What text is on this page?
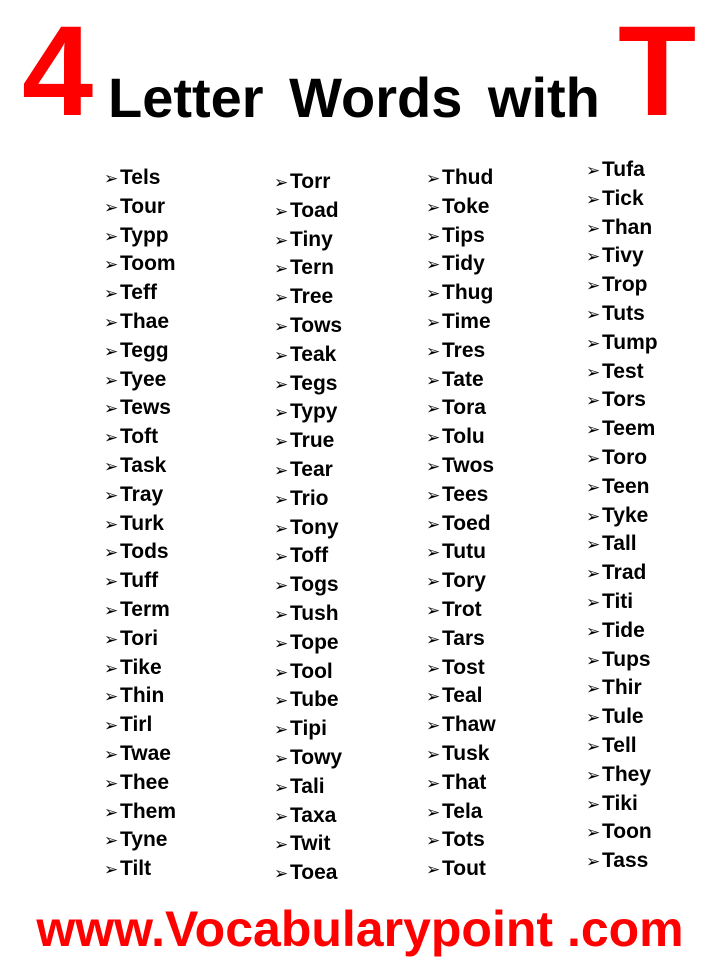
4 Letter Words with T
➢Tels
➢Tour
➢Typp
➢Toom
➢Teff
➢Thae
➢Tegg
➢Tyee
➢Tews
➢Toft
➢Task
➢Tray
➢Turk
➢Tods
➢Tuff
➢Term
➢Tori
➢Tike
➢Thin
➢Tirl
➢Twae
➢Thee
➢Them
➢Tyne
➢Tilt
➢Torr
➢Toad
➢Tiny
➢Tern
➢Tree
➢Tows
➢Teak
➢Tegs
➢Typy
➢True
➢Tear
➢Trio
➢Tony
➢Toff
➢Togs
➢Tush
➢Tope
➢Tool
➢Tube
➢Tipi
➢Towy
➢Tali
➢Taxa
➢Twit
➢Toea
➢Thud
➢Toke
➢Tips
➢Tidy
➢Thug
➢Time
➢Tres
➢Tate
➢Tora
➢Tolu
➢Twos
➢Tees
➢Toed
➢Tutu
➢Tory
➢Trot
➢Tars
➢Tost
➢Teal
➢Thaw
➢Tusk
➢That
➢Tela
➢Tots
➢Tout
➢Tufa
➢Tick
➢Than
➢Tivy
➢Trop
➢Tuts
➢Tump
➢Test
➢Tors
➢Teem
➢Toro
➢Teen
➢Tyke
➢Tall
➢Trad
➢Titi
➢Tide
➢Tups
➢Thir
➢Tule
➢Tell
➢They
➢Tiki
➢Toon
➢Tass
www.Vocabularypoint .com
